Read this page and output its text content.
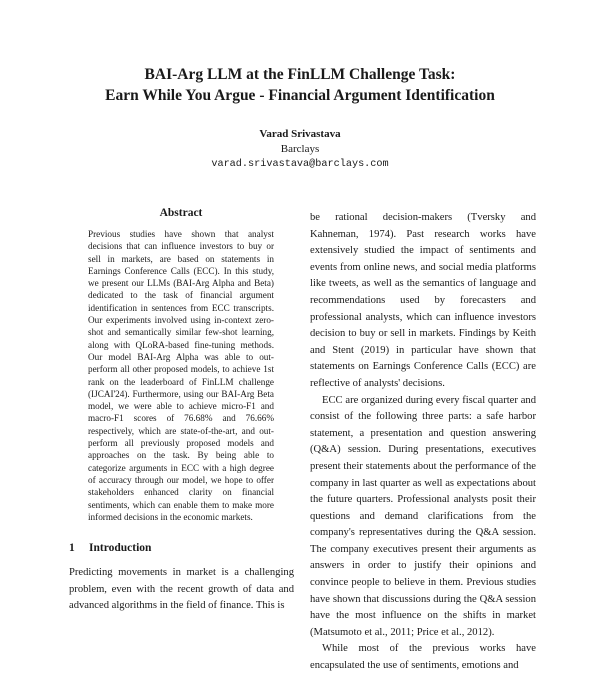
BAI-Arg LLM at the FinLLM Challenge Task:
Earn While You Argue - Financial Argument Identification
Varad Srivastava
Barclays
varad.srivastava@barclays.com
Abstract

Previous studies have shown that analyst decisions that can influence investors to buy or sell in markets, are based on statements in Earnings Conference Calls (ECC). In this study, we present our LLMs (BAI-Arg Alpha and Beta) dedicated to the task of financial argument identification in sentences from ECC transcripts. Our experiments involved using in-context zero-shot and semantically similar few-shot learning, along with QLoRA-based fine-tuning methods. Our model BAI-Arg Alpha was able to out-perform all other proposed models, to achieve 1st rank on the leaderboard of FinLLM challenge (IJCAI'24). Furthermore, using our BAI-Arg Beta model, we were able to achieve micro-F1 and macro-F1 scores of 76.68% and 76.66% respectively, which are state-of-the-art, and out-perform all previously proposed models and approaches on the task. By being able to categorize arguments in ECC with a high degree of accuracy through our model, we hope to offer stakeholders enhanced clarity on financial sentiments, which can enable them to make more informed decisions in the economic markets.

1 Introduction

Predicting movements in market is a challenging problem, even with the recent growth of data and advanced algorithms in the field of finance. This is

be rational decision-makers (Tversky and Kahneman, 1974). Past research works have extensively studied the impact of sentiments and events from online news, and social media platforms like tweets, as well as the semantics of language and recommendations used by forecasters and professional analysts, which can influence investors decision to buy or sell in markets. Findings by Keith and Stent (2019) in particular have shown that statements on Earnings Conference Calls (ECC) are reflective of analysts' decisions.

ECC are organized during every fiscal quarter and consist of the following three parts: a safe harbor statement, a presentation and question answering (Q&A) session. During presentations, executives present their statements about the performance of the company in last quarter as well as expectations about the future quarters. Professional analysts posit their questions and demand clarifications from the company's representatives during the Q&A session. The company executives present their arguments as answers in order to justify their opinions and convince people to believe in them. Previous studies have shown that discussions during the Q&A session have the most influence on the shifts in market (Matsumoto et al., 2011; Price et al., 2012).

While most of the previous works have encapsulated the use of sentiments, emotions and
